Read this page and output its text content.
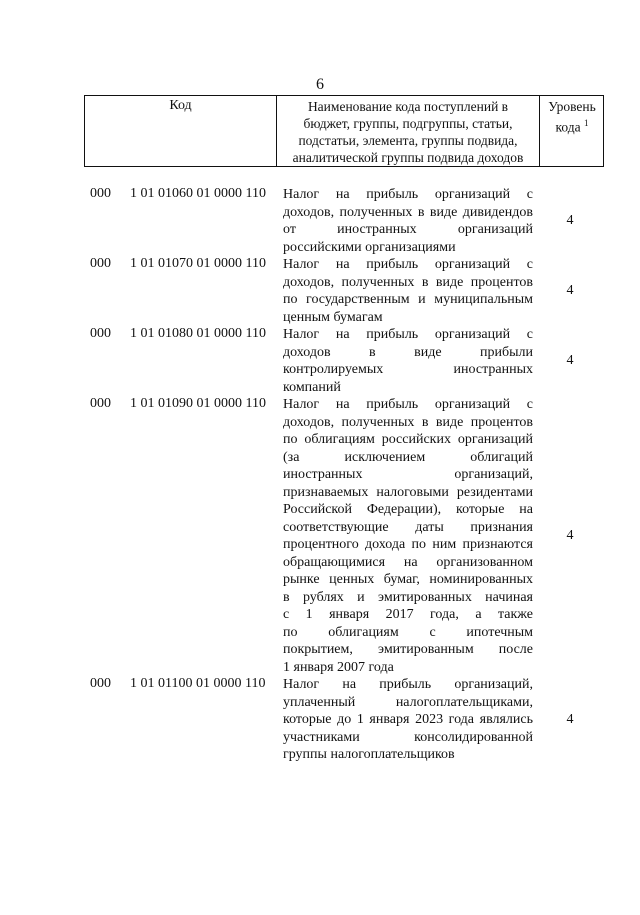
6
Код	Наименование кода поступлений в
бюджет, группы, подгруппы, статьи,
подстатьи, элемента, группы подвида,
аналитической группы подвида доходов
Уровень
кода $^1$
000 1 01 01060 01 0000 110 Налог на прибыль организаций с
доходов, полученных в виде дивидендов
от иностранных организаций
российскими организациями
4
000 1 01 01070 01 0000 110 Налог на прибыль организаций с
доходов, полученных в виде процентов
по государственным и муниципальным
ценным бумагам
4
000 1 01 01080 01 0000 110 Налог на прибыль организаций с
доходов в виде прибыли
контролируемых иностранных
компаний
4
000 1 01 01090 01 0000 110 Налог на прибыль организаций с
доходов, полученных в виде процентов
по облигациям российских организаций
(за исключением облигаций
иностранных организаций,
признаваемых налоговыми резидентами
Российской Федерации), которые на
соответствующие даты признания
процентного дохода по ним признаются
обращающимися на организованном
рынке ценных бумаг, номинированных
в рублях и эмитированных начиная
с 1 января 2017 года, а также
по облигациям с ипотечным
покрытием, эмитированным после
1 января 2007 года
4
000 1 01 01100 01 0000 110 Налог на прибыль организаций,
уплаченный налогоплательщиками,
которые до 1 января 2023 года являлись
участниками консолидированной
группы налогоплательщиков
4
